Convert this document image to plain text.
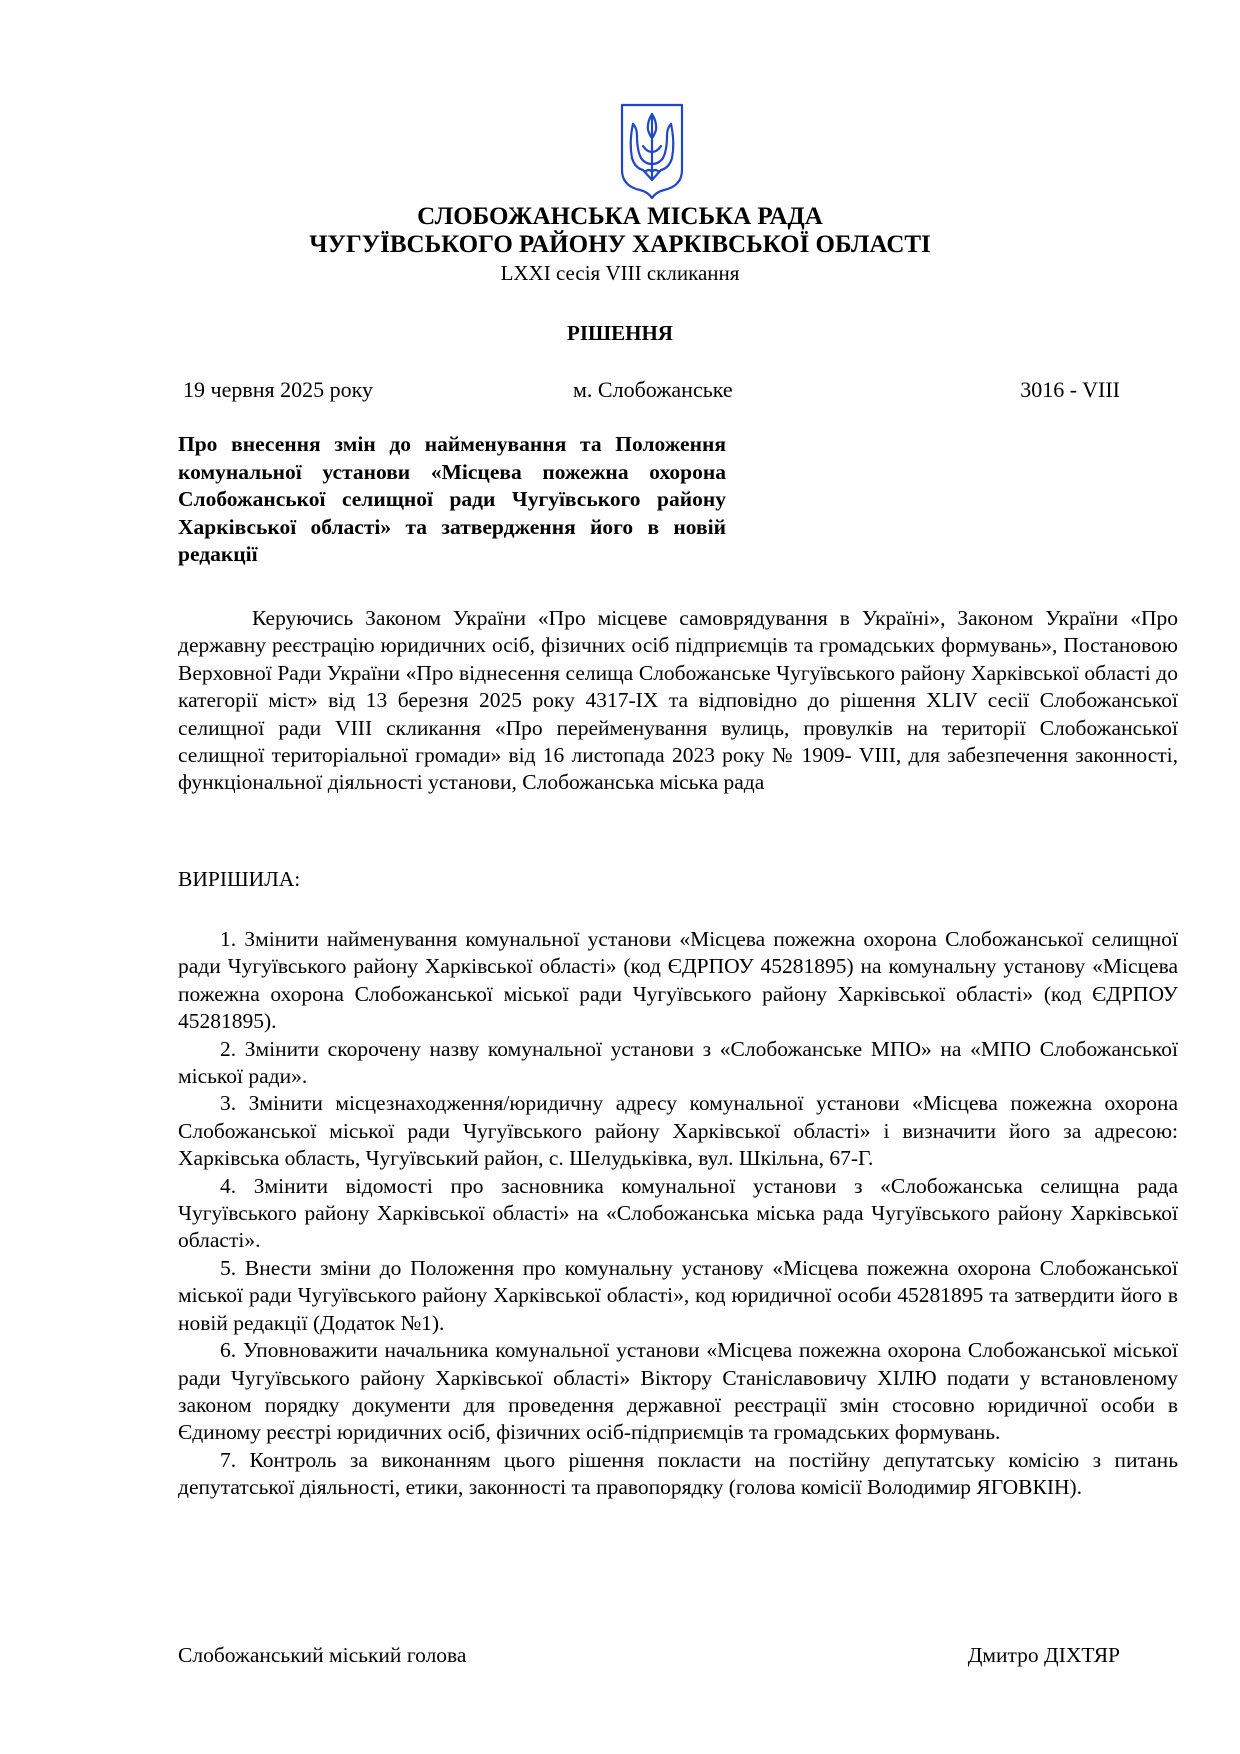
СЛОБОЖАНСЬКА МІСЬКА РАДА
ЧУГУЇВСЬКОГО РАЙОНУ ХАРКІВСЬКОЇ ОБЛАСТІ
LXXI сесія VIII скликання
РІШЕННЯ
19 червня 2025 року	м. Слобожанське	3016 - VIII

Про внесення змін до найменування та Положення комунальної установи «Місцева пожежна охорона Слобожанської селищної ради Чугуївського району Харківської області» та затвердження його в новій редакції

Керуючись Законом України «Про місцеве самоврядування в Україні», Законом України «Про державну реєстрацію юридичних осіб, фізичних осіб підприємців та громадських формувань», Постановою Верховної Ради України «Про віднесення селища Слобожанське Чугуївського району Харківської області до категорії міст» від 13 березня 2025 року 4317-IX та відповідно до рішення XLIV сесії Слобожанської селищної ради VIII скликання «Про перейменування вулиць, провулків на території Слобожанської селищної територіальної громади» від 16 листопада 2023 року № 1909- VIII, для забезпечення законності, функціональної діяльності установи, Слобожанська міська рада
ВИРІШИЛА:

1. Змінити найменування комунальної установи «Місцева пожежна охорона Слобожанської селищної ради Чугуївського району Харківської області» (код ЄДРПОУ 45281895) на комунальну установу «Місцева пожежна охорона Слобожанської міської ради Чугуївського району Харківської області» (код ЄДРПОУ 45281895).

2. Змінити скорочену назву комунальної установи з «Слобожанське МПО» на «МПО Слобожанської міської ради».

3. Змінити місцезнаходження/юридичну адресу комунальної установи «Місцева пожежна охорона Слобожанської міської ради Чугуївського району Харківської області» і визначити його за адресою: Харківська область, Чугуївський район, с. Шелудьківка, вул. Шкільна, 67-Г.

4. Змінити відомості про засновника комунальної установи з «Слобожанська селищна рада Чугуївського району Харківської області» на «Слобожанська міська рада Чугуївського району Харківської області».

5. Внести зміни до Положення про комунальну установу «Місцева пожежна охорона Слобожанської міської ради Чугуївського району Харківської області», код юридичної особи 45281895 та затвердити його в новій редакції (Додаток №1).

6. Уповноважити начальника комунальної установи «Місцева пожежна охорона Слобожанської міської ради Чугуївського району Харківської області» Віктору Станіславовичу ХІЛЮ подати у встановленому законом порядку документи для проведення державної реєстрації змін стосовно юридичної особи в Єдиному реєстрі юридичних осіб, фізичних осіб-підприємців та громадських формувань.

7. Контроль за виконанням цього рішення покласти на постійну депутатську комісію з питань депутатської діяльності, етики, законності та правопорядку (голова комісії Володимир ЯГОВКІН).

Слобожанський міський голова	Дмитро ДІХТЯР
